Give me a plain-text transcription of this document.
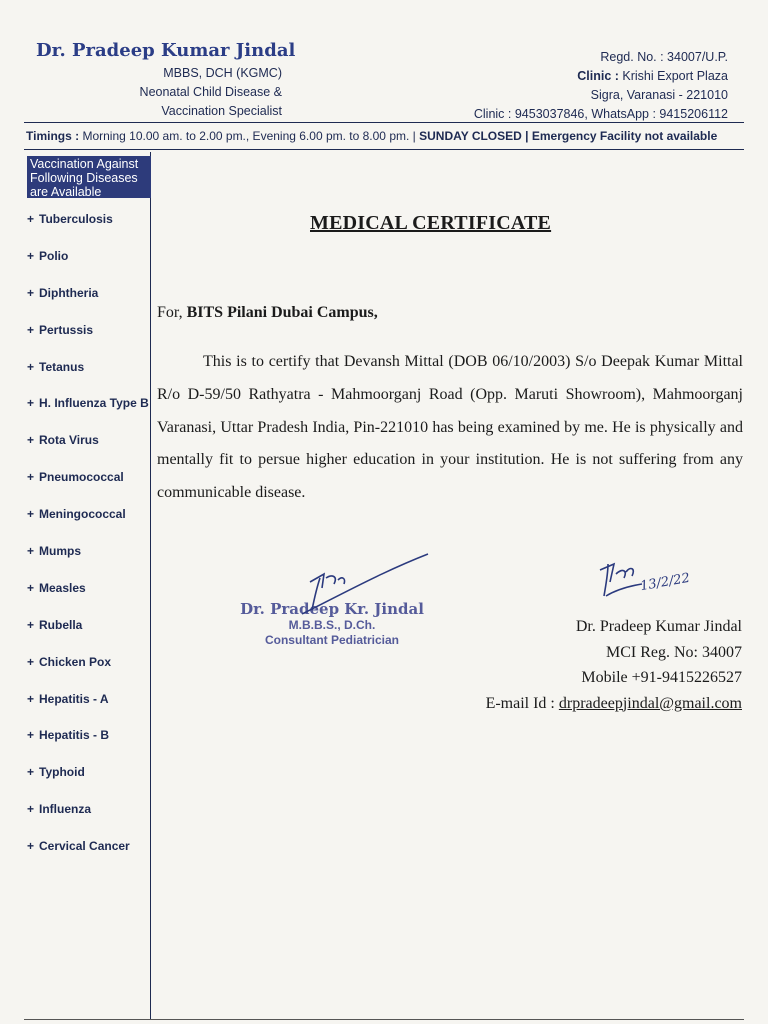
Dr. Pradeep Kumar Jindal
MBBS, DCH (KGMC)
Neonatal Child Disease &
Vaccination Specialist
Regd. No. : 34007/U.P.
Clinic : Krishi Export Plaza
Sigra, Varanasi - 221010
Clinic : 9453037846, WhatsApp : 9415206112
Timings : Morning 10.00 am. to 2.00 pm., Evening 6.00 pm. to 8.00 pm. | SUNDAY CLOSED | Emergency Facility not available
Vaccination Against Following Diseases are Available
+ Tuberculosis
+ Polio
+ Diphtheria
+ Pertussis
+ Tetanus
+ H. Influenza Type B
+ Rota Virus
+ Pneumococcal
+ Meningococcal
+ Mumps
+ Measles
+ Rubella
+ Chicken Pox
+ Hepatitis - A
+ Hepatitis - B
+ Typhoid
+ Influenza
+ Cervical Cancer
MEDICAL CERTIFICATE
For, BITS Pilani Dubai Campus,
This is to certify that Devansh Mittal (DOB 06/10/2003) S/o Deepak Kumar Mittal R/o D-59/50 Rathyatra - Mahmoorganj Road (Opp. Maruti Showroom), Mahmoorganj Varanasi, Uttar Pradesh India, Pin-221010 has being examined by me. He is physically and mentally fit to persue higher education in your institution. He is not suffering from any communicable disease.
Dr. Pradeep Kr. Jindal
M.B.B.S., D.Ch.
Consultant Pediatrician
13/2/22
Dr. Pradeep Kumar Jindal
MCI Reg. No: 34007
Mobile +91-9415226527
E-mail Id : drpradeepjindal@gmail.com
